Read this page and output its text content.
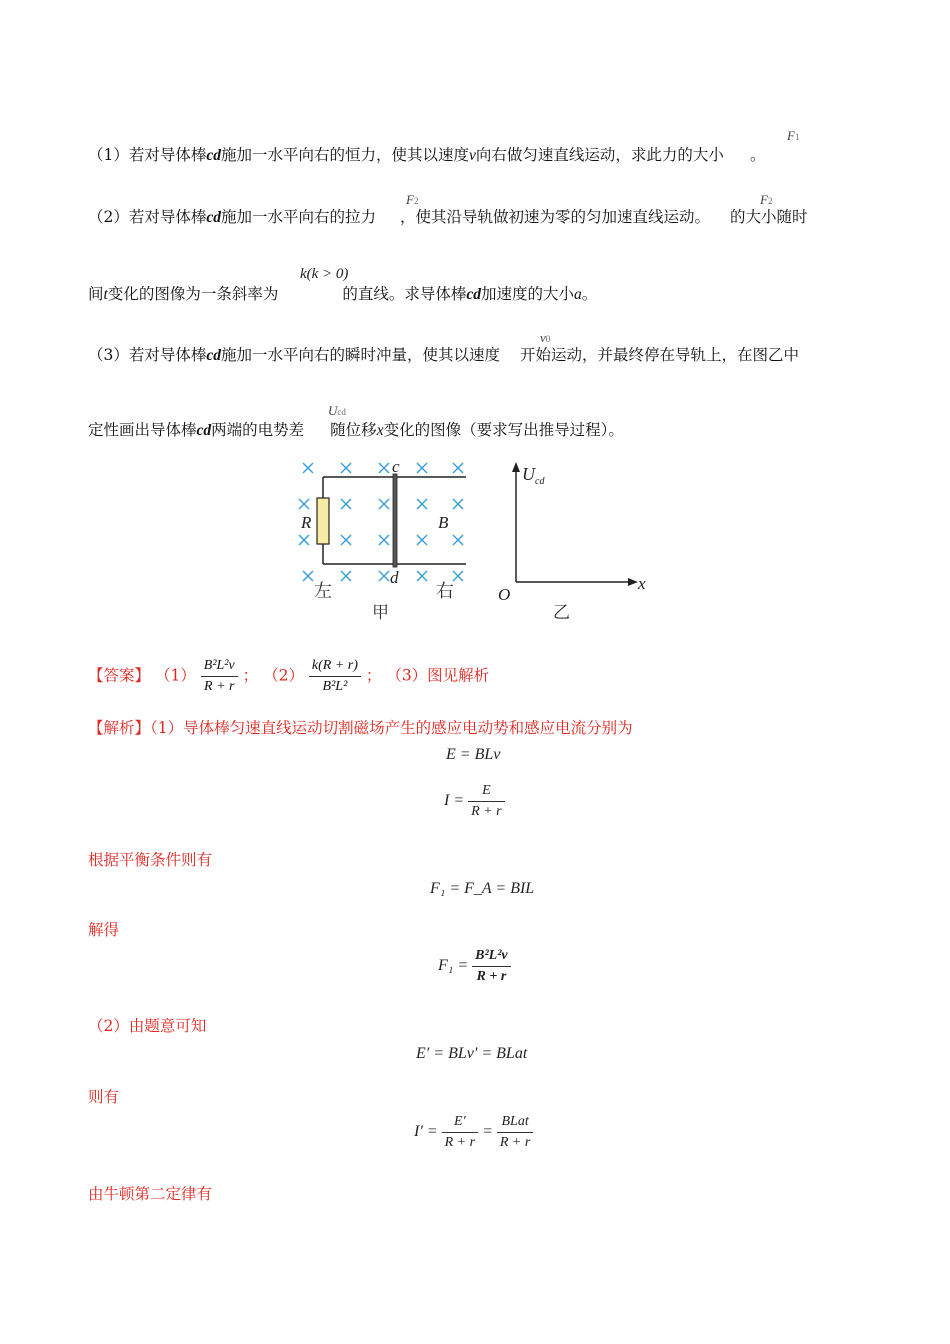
（1）若对导体棒cd施加一水平向右的恒力，使其以速度v向右做匀速直线运动，求此力的大小 。
F1
（2）若对导体棒cd施加一水平向右的拉力 ，使其沿导轨做初速为零的匀加速直线运动。 的大小随时
F2	F2
间t变化的图像为一条斜率为	的直线。求导体棒cd加速度的大小a。
k(k > 0)
（3）若对导体棒cd施加一水平向右的瞬时冲量，使其以速度 开始运动，并最终停在导轨上，在图乙中
v0
定性画出导体棒cd两端的电势差 随位移x变化的图像（要求写出推导过程）。
Ucd
c
d
R	B
左	右
甲
$U_{cd}$
O
x
乙
【答案】 $(1) \frac{\text{B²L²v}}{R + r}$ ； $(2) \frac{k(R + r)}{\text{B²L²}}$ ； （3）图见解析
【解析】（1）导体棒匀速直线运动切割磁场产生的感应电动势和感应电流分别为
E = BLv
$I = \frac{E}{R + r}$
根据平衡条件则有
F₁ = F_A = BIL
解得
$F_1 = \frac{\text{B²L²v}}{R + r}$
（2）由题意可知
E′ = BLv′ = BLat
则有
$I' = \frac{E'}{R + r} = \frac{\text{BLat}}{R + r}$
由牛顿第二定律有
